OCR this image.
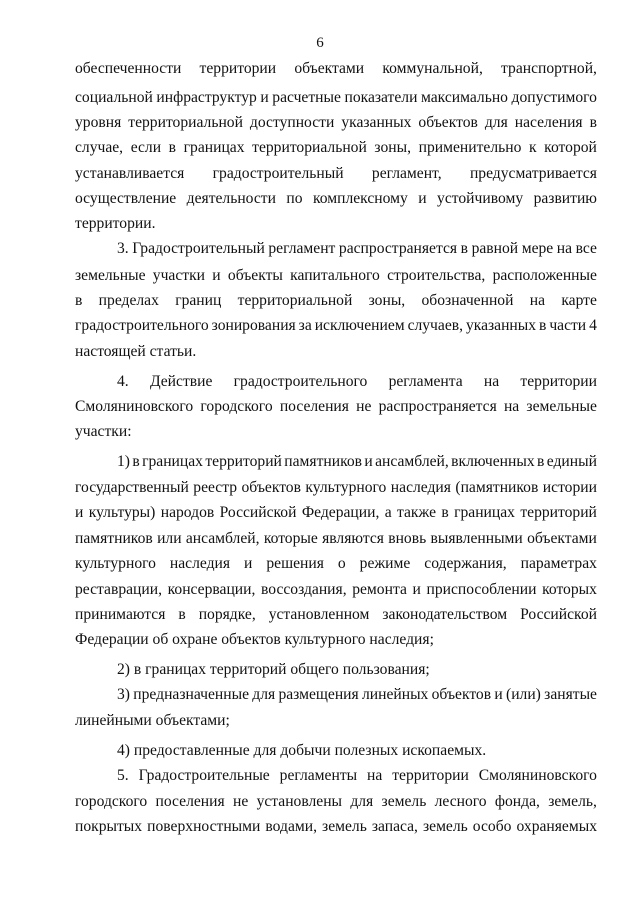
6
обеспеченности территории объектами коммунальной, транспортной,
социальной инфраструктур и расчетные показатели максимально допустимого
уровня территориальной доступности указанных объектов для населения в
случае, если в границах территориальной зоны, применительно к которой
устанавливается градостроительный регламент, предусматривается
осуществление деятельности по комплексному и устойчивому развитию
территории.
3. Градостроительный регламент распространяется в равной мере на все
земельные участки и объекты капитального строительства, расположенные
в пределах границ территориальной зоны, обозначенной на карте
градостроительного зонирования за исключением случаев, указанных в части 4
настоящей статьи.
4. Действие градостроительного регламента на территории
Смоляниновского городского поселения не распространяется на земельные
участки:
1) в границах территорий памятников и ансамблей, включенных в единый
государственный реестр объектов культурного наследия (памятников истории
и культуры) народов Российской Федерации, а также в границах территорий
памятников или ансамблей, которые являются вновь выявленными объектами
культурного наследия и решения о режиме содержания, параметрах
реставрации, консервации, воссоздания, ремонта и приспособлении которых
принимаются в порядке, установленном законодательством Российской
Федерации об охране объектов культурного наследия;
2) в границах территорий общего пользования;
3) предназначенные для размещения линейных объектов и (или) занятые
линейными объектами;
4) предоставленные для добычи полезных ископаемых.
5. Градостроительные регламенты на территории Смоляниновского
городского поселения не установлены для земель лесного фонда, земель,
покрытых поверхностными водами, земель запаса, земель особо охраняемых
